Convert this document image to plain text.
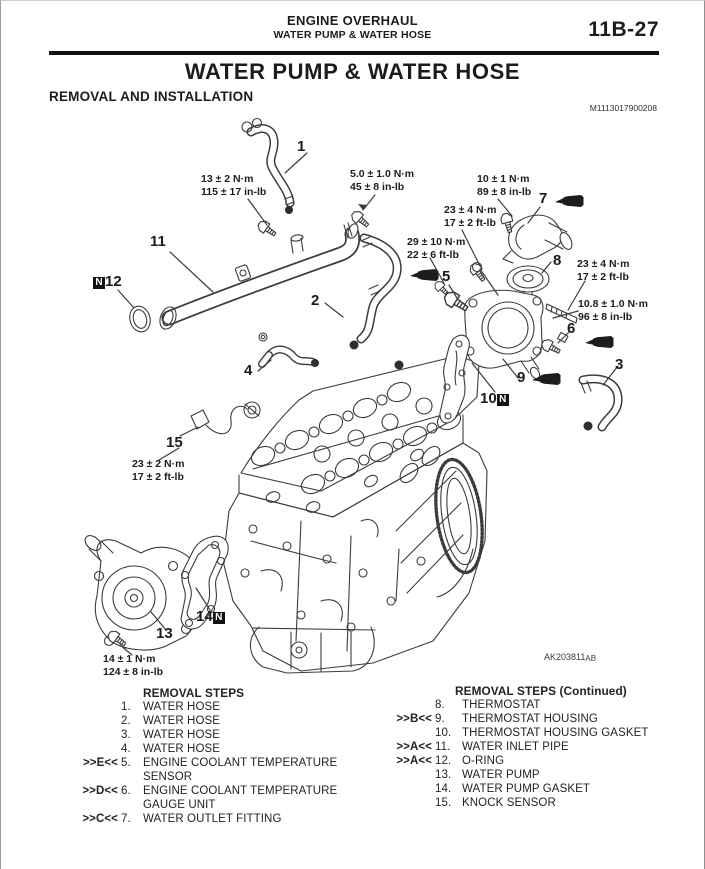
ENGINE OVERHAUL
WATER PUMP & WATER HOSE	11B-27
WATER PUMP & WATER HOSE
REMOVAL AND INSTALLATION
M1113017900208
1
2
3
4
5
6
7
8
9
10 N
11
N 12
13
14 N
15
13 ± 2 N·m
115 ± 17 in-lb
5.0 ± 1.0 N·m
45 ± 8 in-lb
10 ± 1 N·m
89 ± 8 in-lb
23 ± 4 N·m
17 ± 2 ft-lb
29 ± 10 N·m
22 ± 6 ft-lb
23 ± 4 N·m
17 ± 2 ft-lb
10.8 ± 1.0 N·m
96 ± 8 in-lb
23 ± 2 N·m
17 ± 2 ft-lb
14 ± 1 N·m
124 ± 8 in-lb
AK203811AB
REMOVAL STEPS
1.	WATER HOSE
2.	WATER HOSE
3.	WATER HOSE
4.	WATER HOSE
>>E<< 5.	ENGINE COOLANT TEMPERATURE SENSOR
>>D<< 6.	ENGINE COOLANT TEMPERATURE GAUGE UNIT
>>C<< 7.	WATER OUTLET FITTING
REMOVAL STEPS (Continued)
8.	THERMOSTAT
>>B<< 9.	THERMOSTAT HOUSING
10. THERMOSTAT HOUSING GASKET
>>A<< 11.	WATER INLET PIPE
>>A<< 12. O-RING
13. WATER PUMP
14. WATER PUMP GASKET
15. KNOCK SENSOR
